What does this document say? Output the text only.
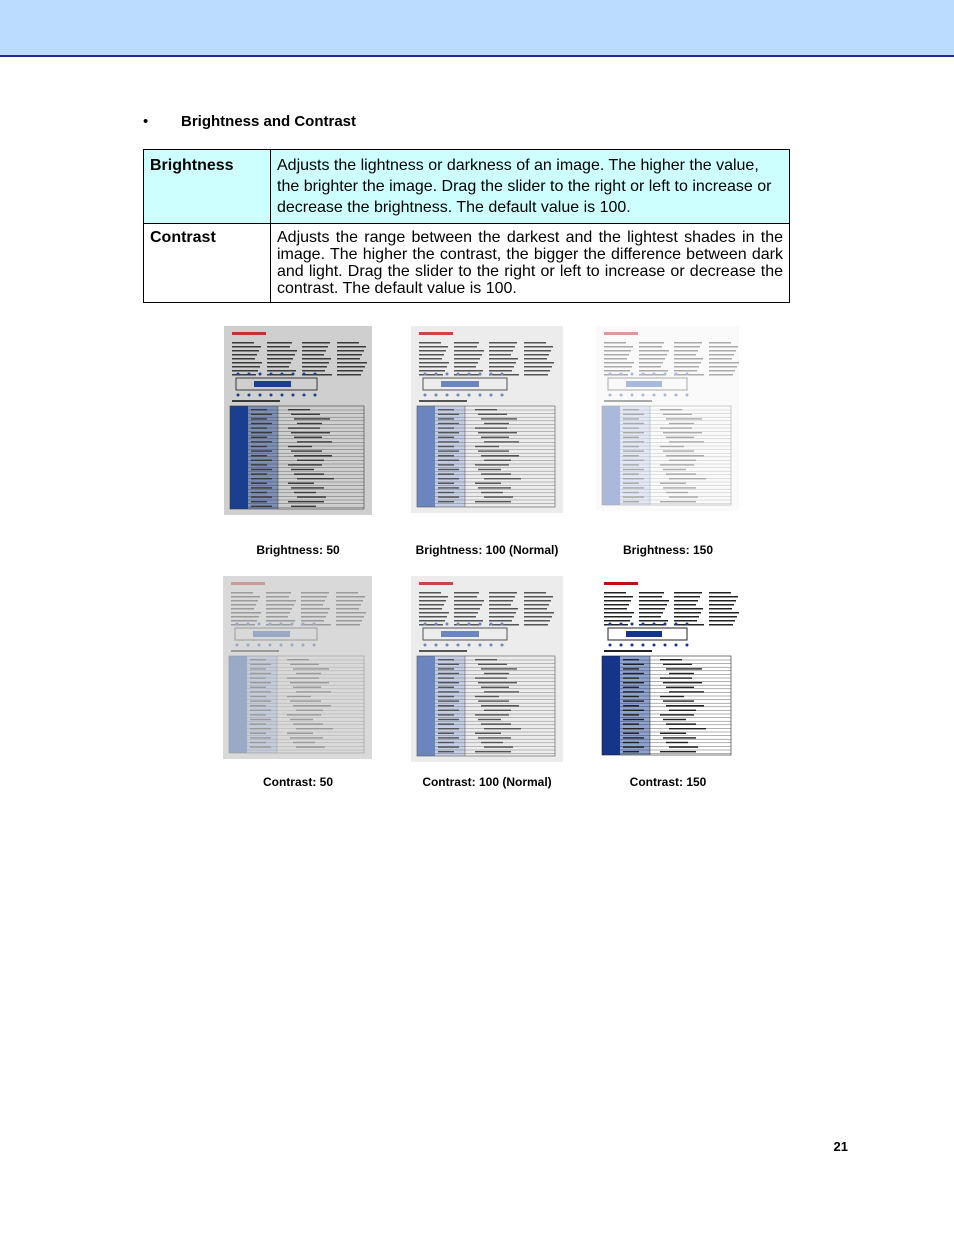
• Brightness and Contrast
Brightness	Adjusts the lightness or darkness of an image. The higher the value, the brighter the image. Drag the slider to the right or left to increase or decrease the brightness. The default value is 100.
Contrast	Adjusts the range between the darkest and the lightest shades in the image. The higher the contrast, the bigger the difference between dark and light. Drag the slider to the right or left to increase or decrease the contrast. The default value is 100.
Brightness: 50	Brightness: 100 (Normal)	Brightness: 150
Contrast: 50	Contrast: 100 (Normal)	Contrast: 150
21
